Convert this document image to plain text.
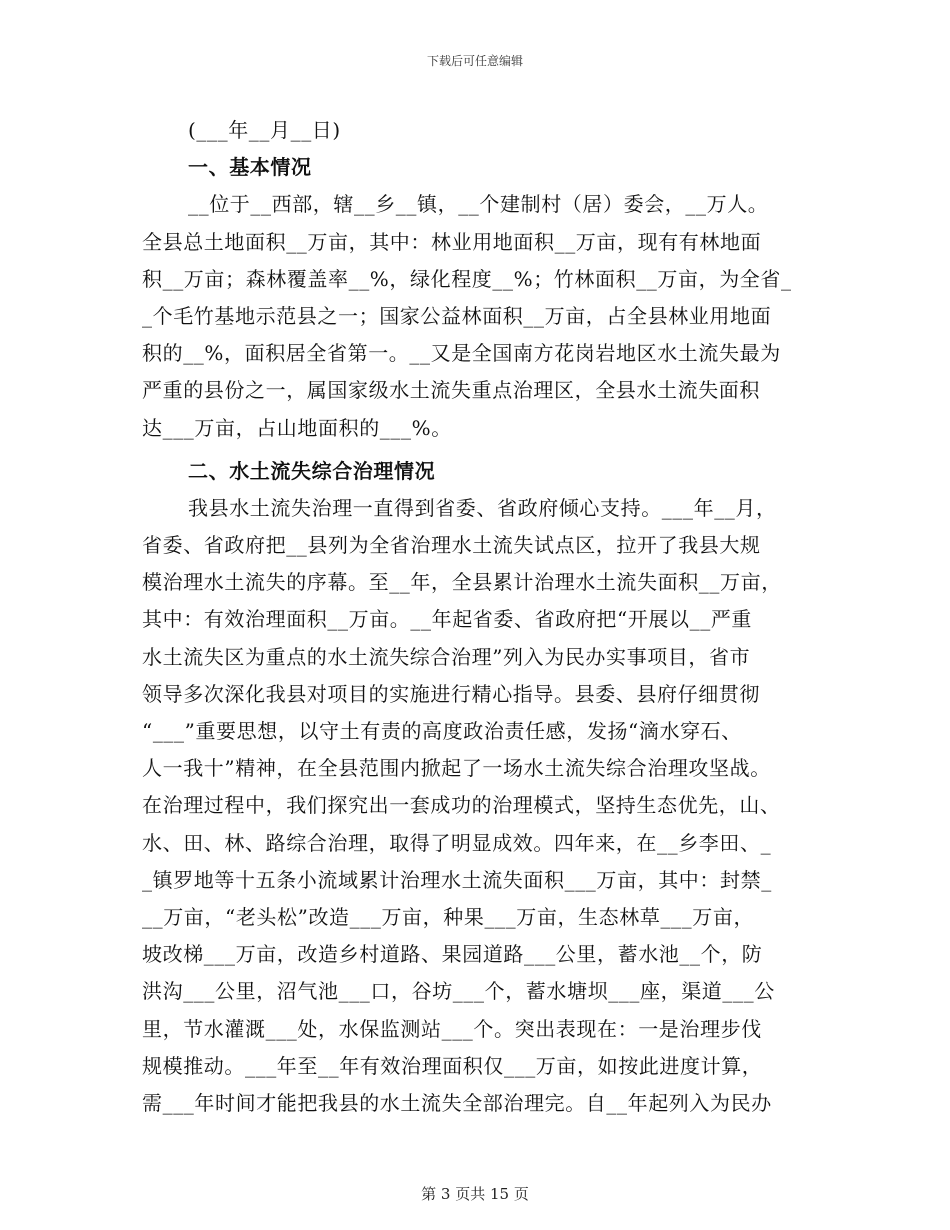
下载后可任意编辑
(___年__月__日)
一、基本情况
__位于__西部，辖__乡__镇，__个建制村（居）委会，__万人。
全县总土地面积__万亩，其中：林业用地面积__万亩，现有有林地面
积__万亩；森林覆盖率__%，绿化程度__%；竹林面积__万亩，为全省_
_个毛竹基地示范县之一；国家公益林面积__万亩，占全县林业用地面
积的__%，面积居全省第一。__又是全国南方花岗岩地区水土流失最为
严重的县份之一，属国家级水土流失重点治理区，全县水土流失面积
达___万亩，占山地面积的___%。
二、水土流失综合治理情况
我县水土流失治理一直得到省委、省政府倾心支持。___年__月，
省委、省政府把__县列为全省治理水土流失试点区，拉开了我县大规
模治理水土流失的序幕。至__年，全县累计治理水土流失面积__万亩，
其中：有效治理面积__万亩。__年起省委、省政府把“开展以__严重
水土流失区为重点的水土流失综合治理”列入为民办实事项目，省市
领导多次深化我县对项目的实施进行精心指导。县委、县府仔细贯彻
“___”重要思想，以守土有责的高度政治责任感，发扬“滴水穿石、
人一我十”精神，在全县范围内掀起了一场水土流失综合治理攻坚战。
在治理过程中，我们探究出一套成功的治理模式，坚持生态优先，山、
水、田、林、路综合治理，取得了明显成效。四年来，在__乡李田、_
_镇罗地等十五条小流域累计治理水土流失面积___万亩，其中：封禁_
__万亩，“老头松”改造___万亩，种果___万亩，生态林草___万亩，
坡改梯___万亩，改造乡村道路、果园道路___公里，蓄水池__个，防
洪沟___公里，沼气池___口，谷坊___个，蓄水塘坝___座，渠道___公
里，节水灌溉___处，水保监测站___个。突出表现在：一是治理步伐
规模推动。___年至__年有效治理面积仅___万亩，如按此进度计算，
需___年时间才能把我县的水土流失全部治理完。自__年起列入为民办
第 3 页共 15 页
